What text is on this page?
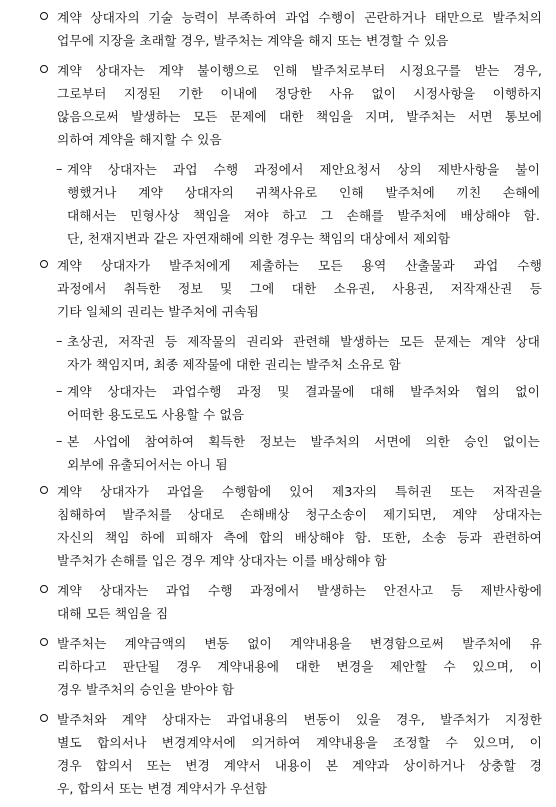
계약 상대자의 기술 능력이 부족하여 과업 수행이 곤란하거나 태만으로 발주처의
업무에 지장을 초래할 경우, 발주처는 계약을 해지 또는 변경할 수 있음
계약 상대자는 계약 불이행으로 인해 발주처로부터 시정요구를 받는 경우,
그로부터 지정된 기한 이내에 정당한 사유 없이 시정사항을 이행하지
않음으로써 발생하는 모든 문제에 대한 책임을 지며, 발주처는 서면 통보에
의하여 계약을 해지할 수 있음
– 계약 상대자는 과업 수행 과정에서 제안요청서 상의 제반사항을 불이
행했거나 계약 상대자의 귀책사유로 인해 발주처에 끼친 손해에
대해서는 민형사상 책임을 져야 하고 그 손해를 발주처에 배상해야 함.
단, 천재지변과 같은 자연재해에 의한 경우는 책임의 대상에서 제외함
계약 상대자가 발주처에게 제출하는 모든 용역 산출물과 과업 수행
과정에서 취득한 정보 및 그에 대한 소유권, 사용권, 저작재산권 등
기타 일체의 권리는 발주처에 귀속됨
– 초상권, 저작권 등 제작물의 권리와 관련해 발생하는 모든 문제는 계약 상대
자가 책임지며, 최종 제작물에 대한 권리는 발주처 소유로 함
– 계약 상대자는 과업수행 과정 및 결과물에 대해 발주처와 협의 없이
어떠한 용도로도 사용할 수 없음
– 본 사업에 참여하여 획득한 정보는 발주처의 서면에 의한 승인 없이는
외부에 유출되어서는 아니 됨
계약 상대자가 과업을 수행함에 있어 제3자의 특허권 또는 저작권을
침해하여 발주처를 상대로 손해배상 청구소송이 제기되면, 계약 상대자는
자신의 책임 하에 피해자 측에 합의 배상해야 함. 또한, 소송 등과 관련하여
발주처가 손해를 입은 경우 계약 상대자는 이를 배상해야 함
계약 상대자는 과업 수행 과정에서 발생하는 안전사고 등 제반사항에
대해 모든 책임을 짐
발주처는 계약금액의 변동 없이 계약내용을 변경함으로써 발주처에 유
리하다고 판단될 경우 계약내용에 대한 변경을 제안할 수 있으며, 이
경우 발주처의 승인을 받아야 함
발주처와 계약 상대자는 과업내용의 변동이 있을 경우, 발주처가 지정한
별도 합의서나 변경계약서에 의거하여 계약내용을 조정할 수 있으며, 이
경우 합의서 또는 변경 계약서 내용이 본 계약과 상이하거나 상충할 경
우, 합의서 또는 변경 계약서가 우선함
